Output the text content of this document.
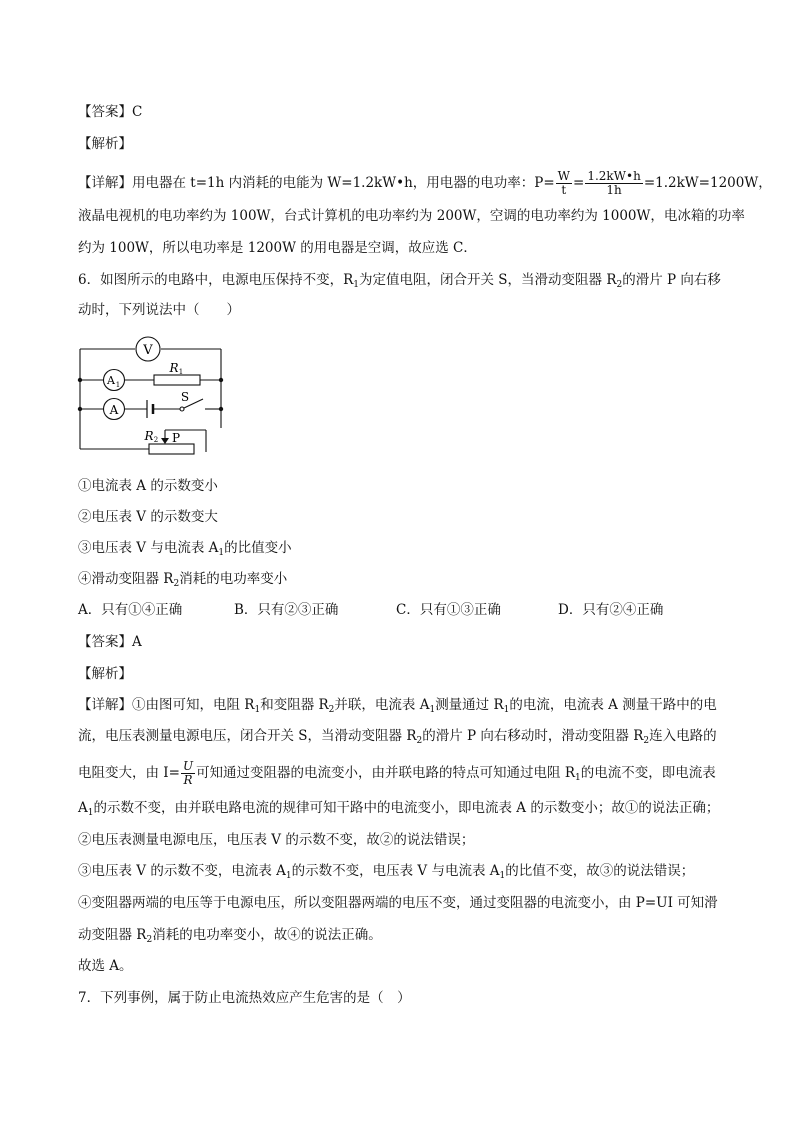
【答案】C
【解析】
【详解】用电器在 t=1h 内消耗的电能为 W=1.2kW•h，用电器的电功率：$P= \frac{W}{t} = \frac{1.2kW•h}{1h} =1.2kW=1200W$，
液晶电视机的电功率约为 100W，台式计算机的电功率约为 200W，空调的电功率约为 1000W，电冰箱的功率
约为 100W，所以电功率是 1200W 的用电器是空调，故应选 C．
6．如图所示的电路中，电源电压保持不变，$R_1$为定值电阻，闭合开关 S，当滑动变阻器 $R_2$的滑片 P 向右移
动时，下列说法中（　　）
V
A 1
A
R 1
S
R 2 P
①电流表 A 的示数变小
②电压表 V 的示数变大
③电压表 V 与电流表 $A_1$的比值变小
④滑动变阻器 $R_2$消耗的电功率变小
A．只有①④正确	B．只有②③正确	C．只有①③正确	D．只有②④正确
【答案】A
【解析】
【详解】①由图可知，电阻 $R_1$和变阻器 $R_2$并联，电流表 $A_1$测量通过 $R_1$的电流，电流表 A 测量干路中的电
流，电压表测量电源电压，闭合开关 S，当滑动变阻器 $R_2$的滑片 P 向右移动时，滑动变阻器 $R_2$连入电路的
电阻变大，由 $I= \frac{U}{R}$ 可知通过变阻器的电流变小，由并联电路的特点可知通过电阻 $R_1$的电流不变，即电流表
$A_1$的示数不变，由并联电路电流的规律可知干路中的电流变小，即电流表 A 的示数变小；故①的说法正确；
②电压表测量电源电压，电压表 V 的示数不变，故②的说法错误；
③电压表 V 的示数不变，电流表 $A_1$的示数不变，电压表 V 与电流表 $A_1$的比值不变，故③的说法错误；
④变阻器两端的电压等于电源电压，所以变阻器两端的电压不变，通过变阻器的电流变小，由 P=UI 可知滑
动变阻器 $R_2$消耗的电功率变小，故④的说法正确。
故选 A。
7．下列事例，属于防止电流热效应产生危害的是（　）
